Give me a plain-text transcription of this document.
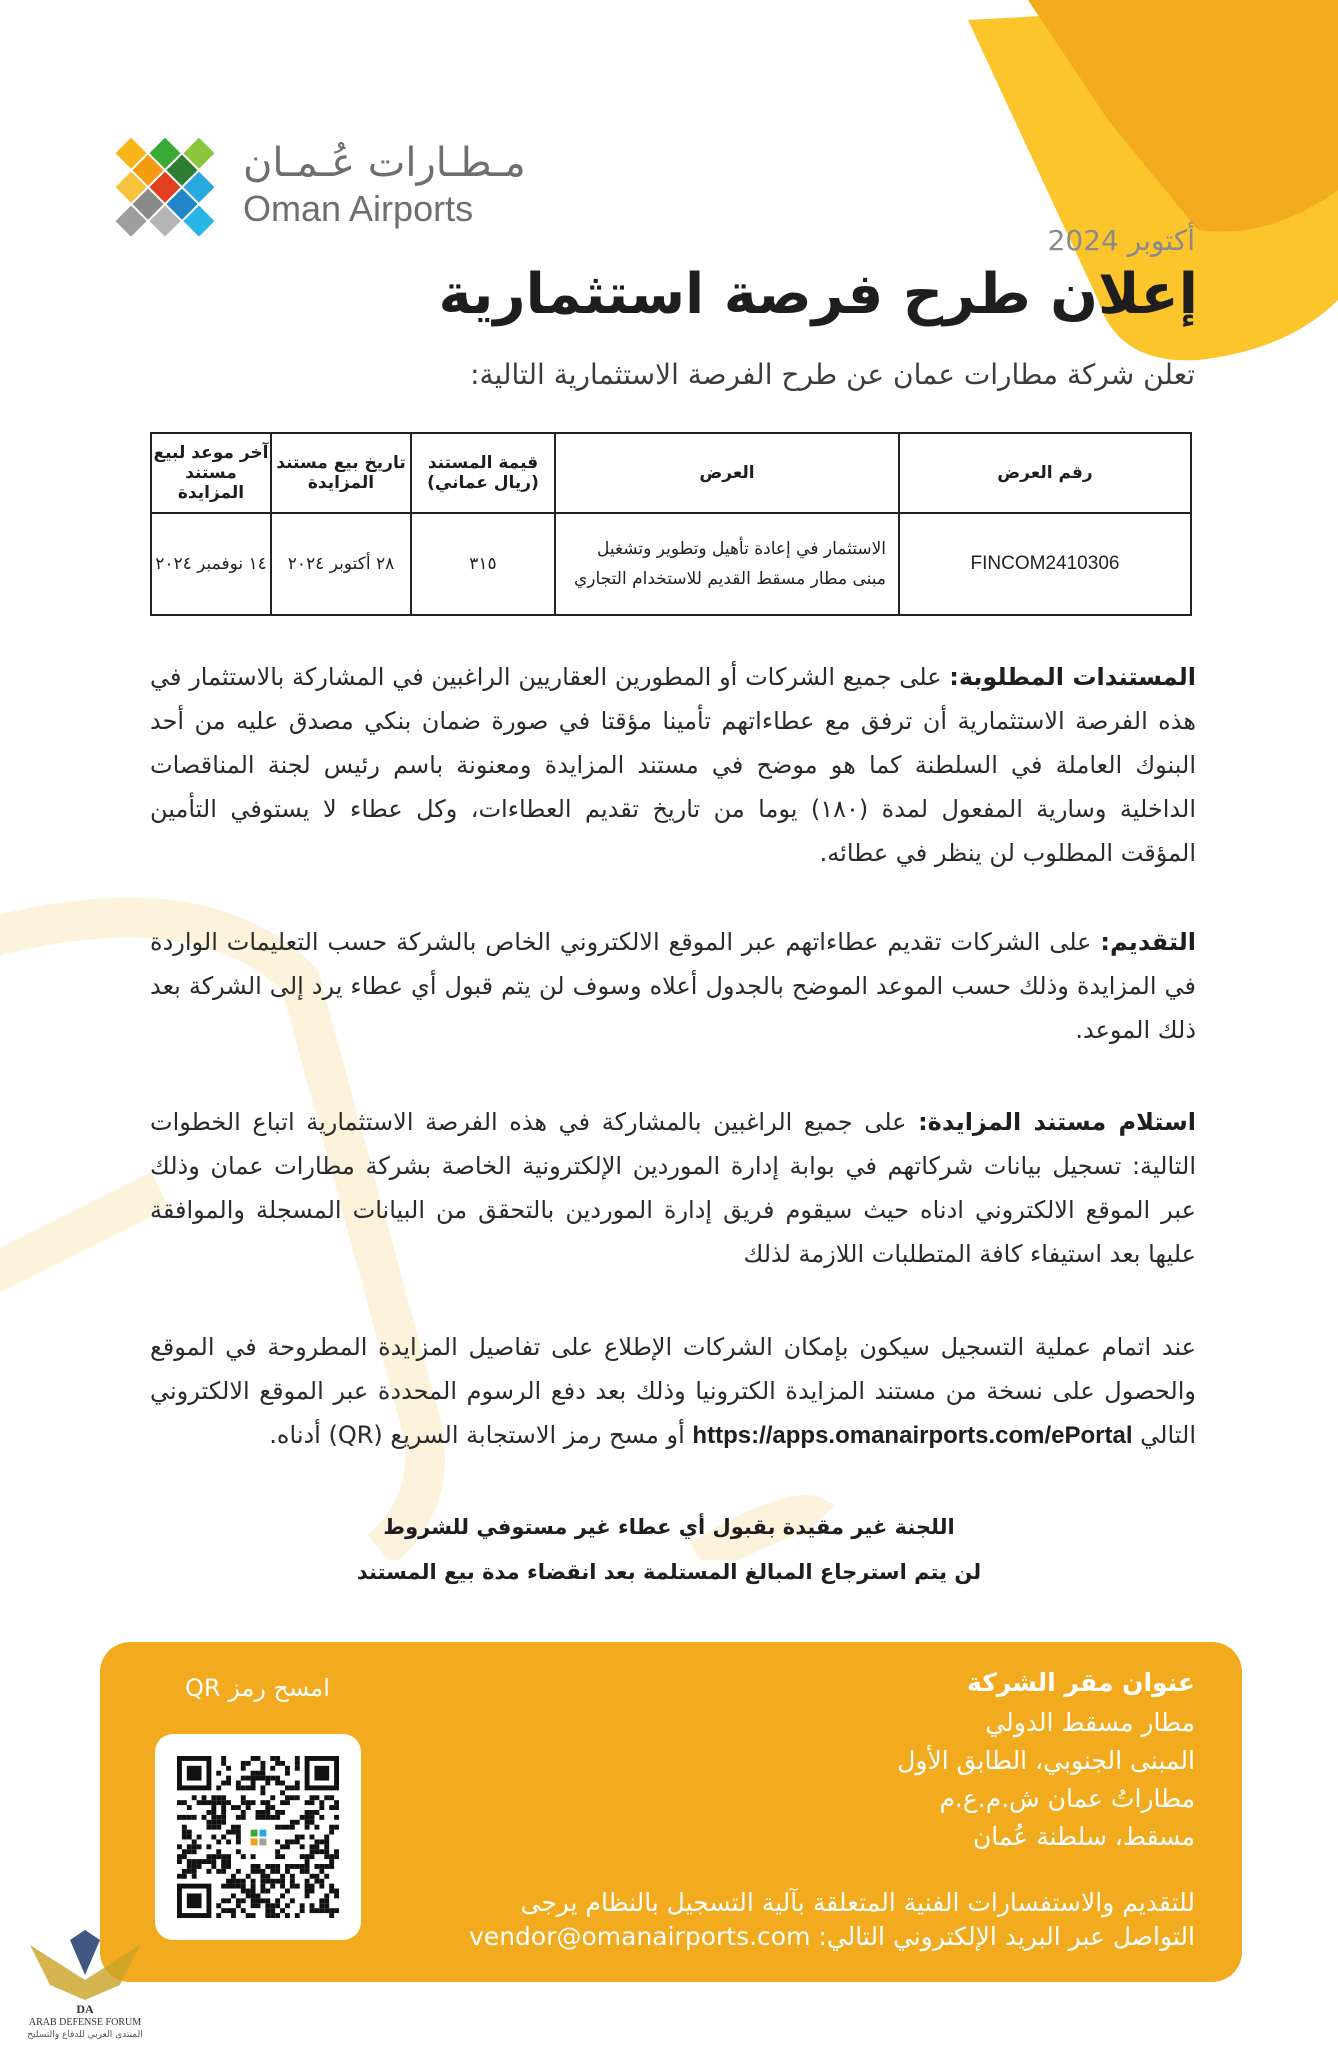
مـطـارات عُـمـان
Oman Airports
أكتوبر 2024
إعلان طرح فرصة استثمارية
تعلن شركة مطارات عمان عن طرح الفرصة الاستثمارية التالية:
رقم العرض	العرض	قيمة المستند (ريال عماني)	تاريخ بيع مستند المزايدة	آخر موعد لبيع مستند المزايدة
FINCOM2410306	الاستثمار في إعادة تأهيل وتطوير وتشغيل مبنى مطار مسقط القديم للاستخدام التجاري	٣١٥	٢٨ أكتوبر ٢٠٢٤	١٤ نوفمبر ٢٠٢٤
المستندات المطلوبة: على جميع الشركات أو المطورين العقاريين الراغبين في المشاركة بالاستثمار في هذه الفرصة الاستثمارية أن ترفق مع عطاءاتهم تأمينا مؤقتا في صورة ضمان بنكي مصدق عليه من أحد البنوك العاملة في السلطنة كما هو موضح في مستند المزايدة ومعنونة باسم رئيس لجنة المناقصات الداخلية وسارية المفعول لمدة (١٨٠) يوما من تاريخ تقديم العطاءات، وكل عطاء لا يستوفي التأمين المؤقت المطلوب لن ينظر في عطائه.
التقديم: على الشركات تقديم عطاءاتهم عبر الموقع الالكتروني الخاص بالشركة حسب التعليمات الواردة في المزايدة وذلك حسب الموعد الموضح بالجدول أعلاه وسوف لن يتم قبول أي عطاء يرد إلى الشركة بعد ذلك الموعد.
استلام مستند المزايدة: على جميع الراغبين بالمشاركة في هذه الفرصة الاستثمارية اتباع الخطوات التالية: تسجيل بيانات شركاتهم في بوابة إدارة الموردين الإلكترونية الخاصة بشركة مطارات عمان وذلك عبر الموقع الالكتروني ادناه حيث سيقوم فريق إدارة الموردين بالتحقق من البيانات المسجلة والموافقة عليها بعد استيفاء كافة المتطلبات اللازمة لذلك
عند اتمام عملية التسجيل سيكون بإمكان الشركات الإطلاع على تفاصيل المزايدة المطروحة في الموقع والحصول على نسخة من مستند المزايدة الكترونيا وذلك بعد دفع الرسوم المحددة عبر الموقع الالكتروني التالي https://apps.omanairports.com/ePortal أو مسح رمز الاستجابة السريع (QR) أدناه.
اللجنة غير مقيدة بقبول أي عطاء غير مستوفي للشروط
لن يتم استرجاع المبالغ المستلمة بعد انقضاء مدة بيع المستند
عنوان مقر الشركة
مطار مسقط الدولي
المبنى الجنوبي، الطابق الأول
مطاراتُ عمان ش.م.ع.م
مسقط، سلطنة عُمان
للتقديم والاستفسارات الفنية المتعلقة بآلية التسجيل بالنظام يرجى
التواصل عبر البريد الإلكتروني التالي: vendor@omanairports.com
امسح رمز QR
DA
ARAB DEFENSE FORUM
المنتدى العربي للدفاع والتسليح
